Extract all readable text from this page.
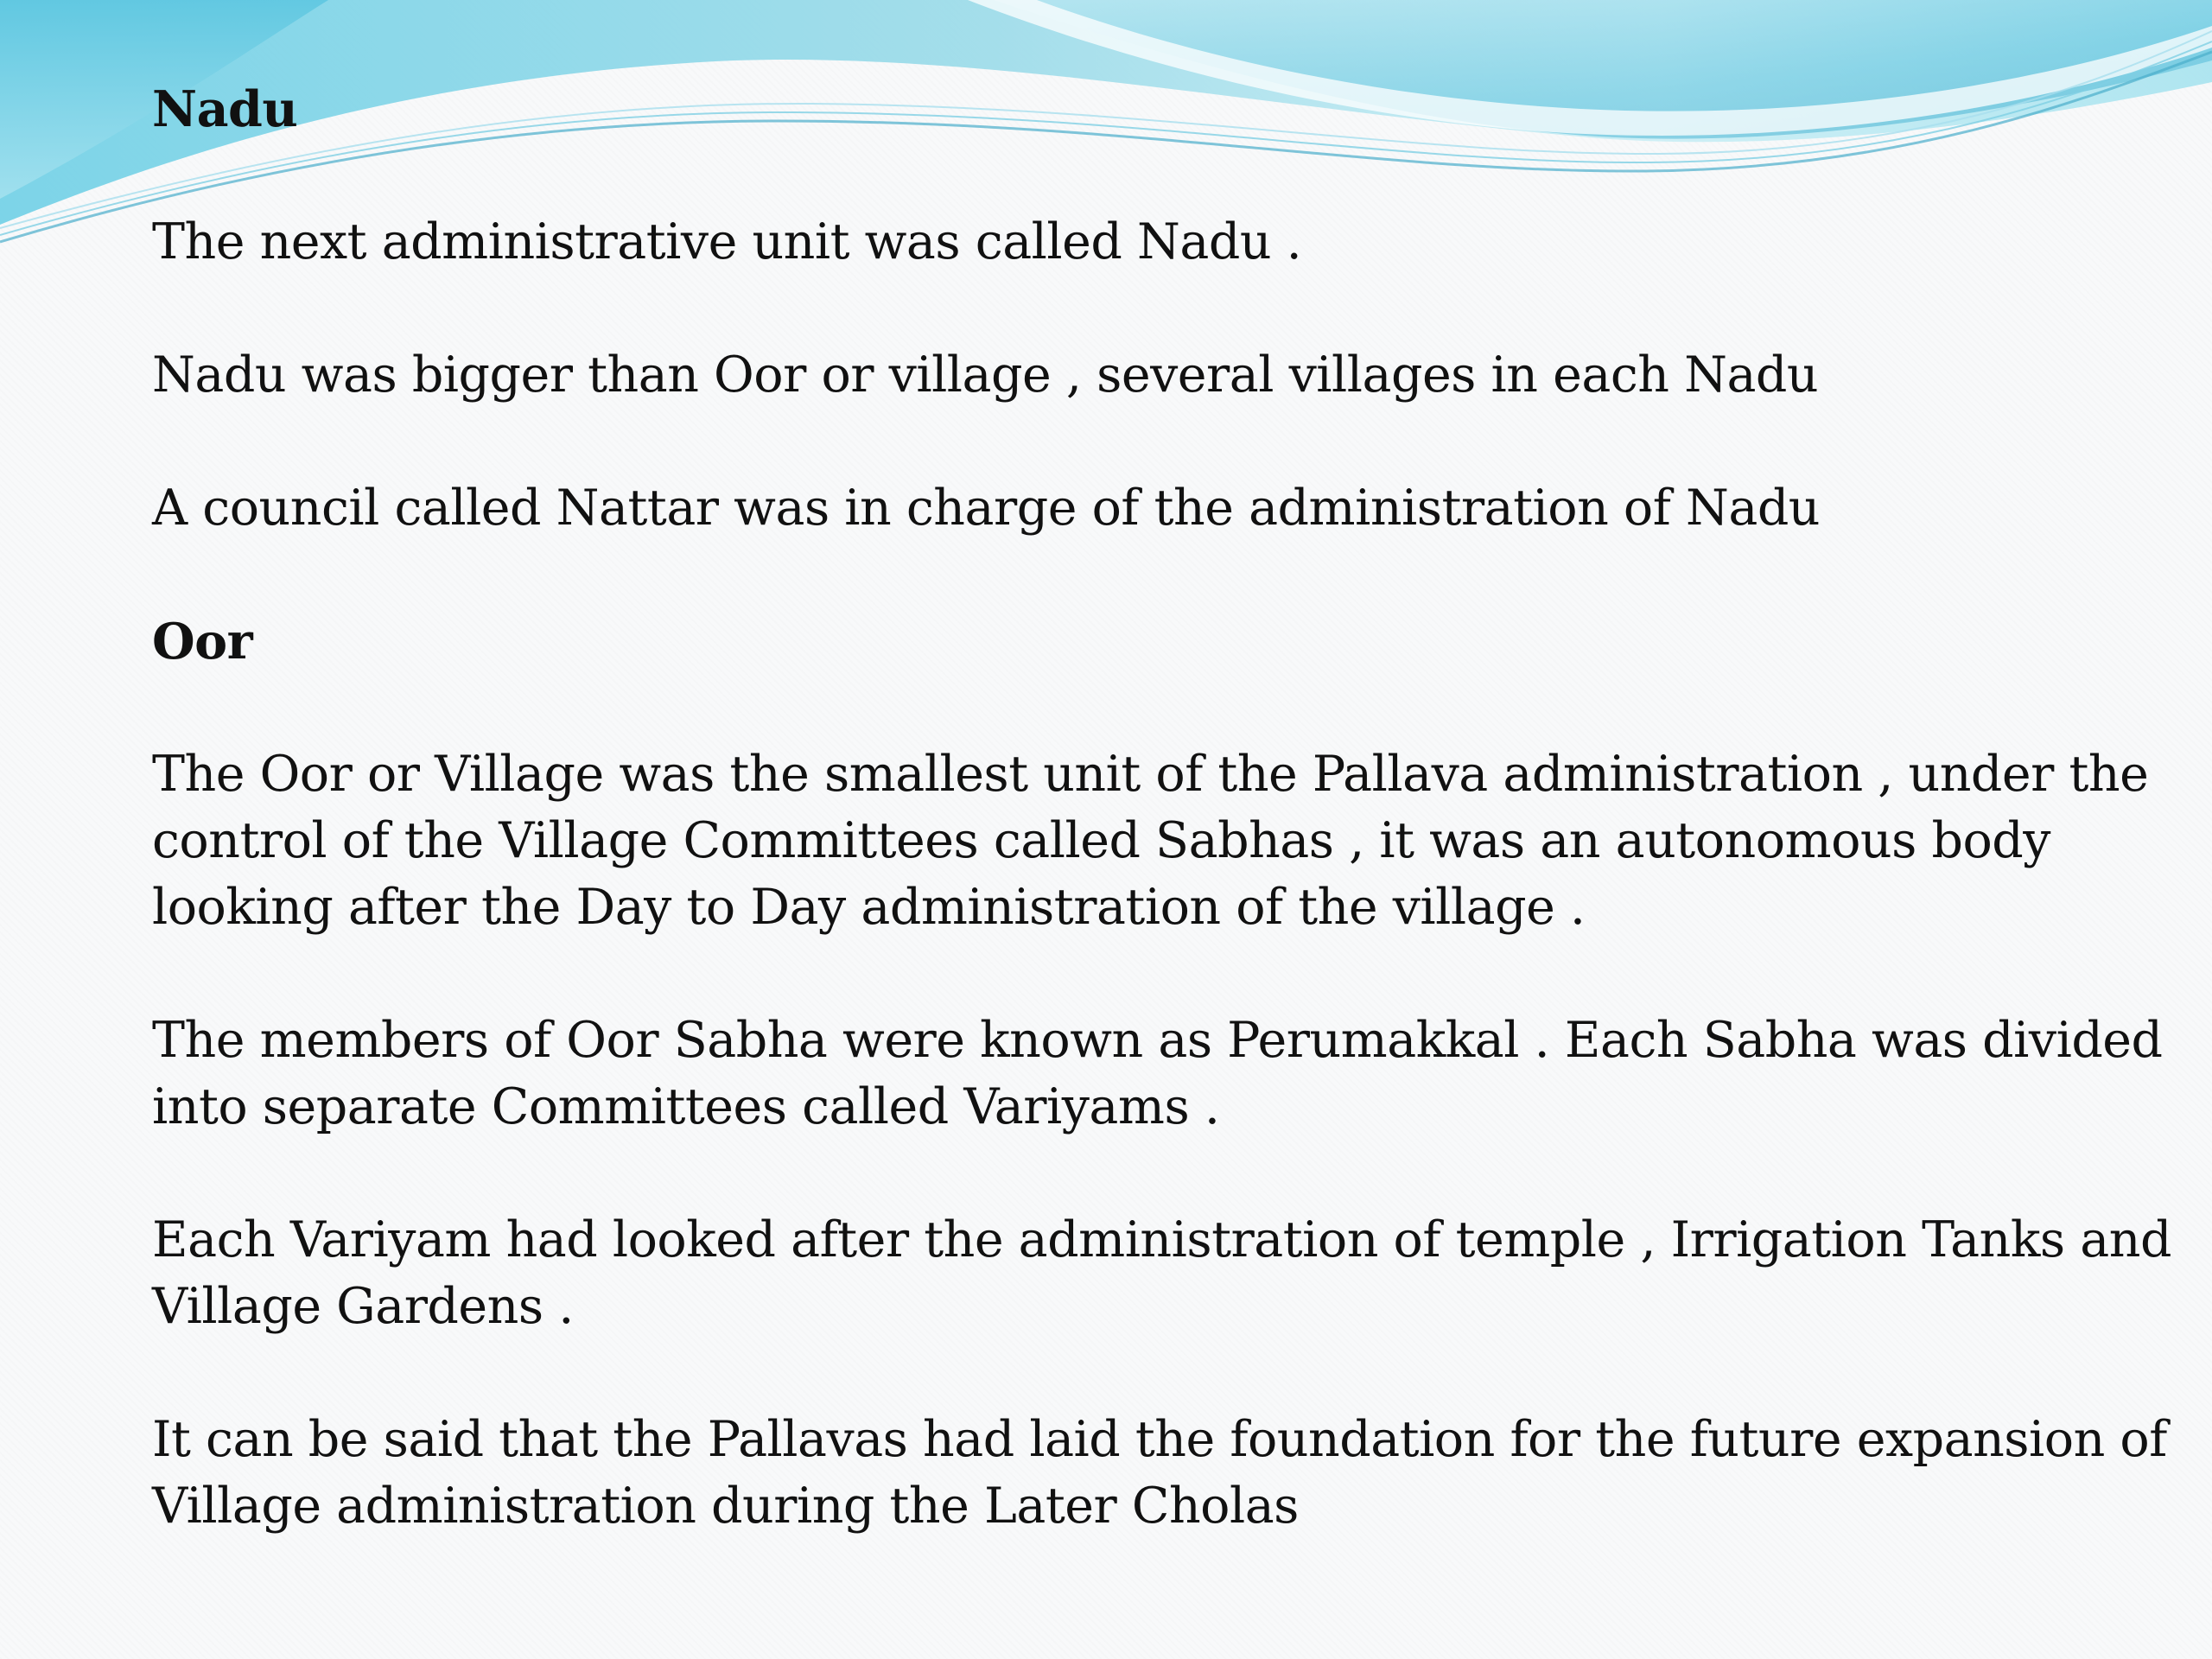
Nadu

The next administrative unit was called Nadu .

Nadu was bigger than Oor or village , several villages in each Nadu

A council called Nattar was in charge of the administration of Nadu

Oor

The Oor or Village was the smallest unit of the Pallava administration , under the

control of the Village Committees called Sabhas , it was an autonomous body

looking after the Day to Day administration of the village .

The members of Oor Sabha were known as Perumakkal . Each Sabha was divided

into separate Committees called Variyams .

Each Variyam had looked after the administration of temple , Irrigation Tanks and

Village Gardens .

It can be said that the Pallavas had laid the foundation for the future expansion of

Village administration during the Later Cholas
